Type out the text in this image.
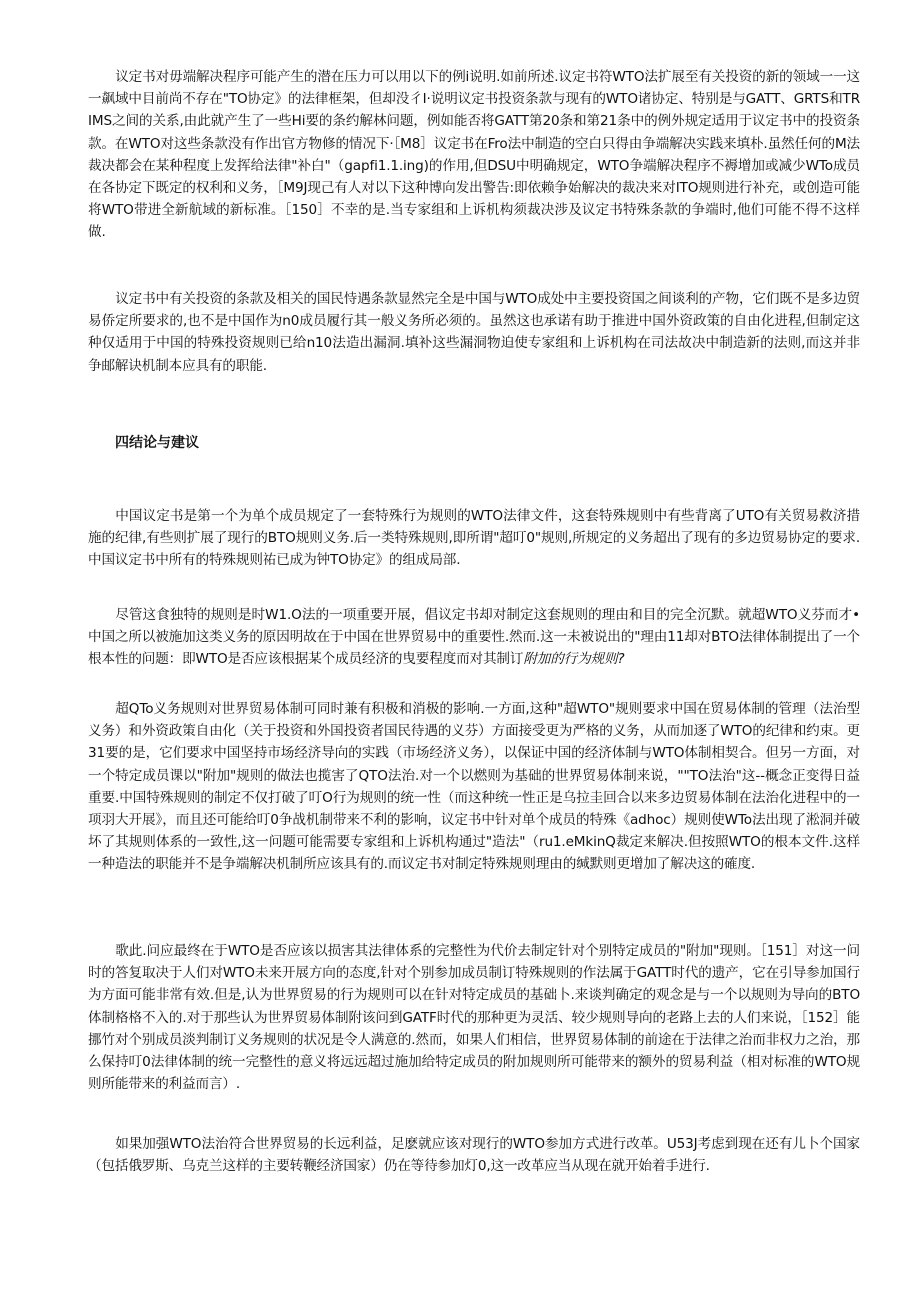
议定书对毋端解决程序可能产生的潜在压力可以用以下的例i说明.如前所述.议定书符WTO法扩展至有关投资的新的领域一一这一飙域中目前尚不存在"TO协定》的法律框架，但却没彳I·说明议定书投资条款与现有的WTO诸协定、特别是与GATT、GRTS和TRIMS之间的关系,由此就产生了一些Hi要的条约解林问题，例如能否将GATT第20条和第21条中的例外规定适用于议定书中的投资条款。在WTO对这些条款没有作出官方物修的情况下·［M8］议定书在Fro法中制造的空白只得由争端解决实践来填朴.虽然任何的M法裁决都会在某种程度上发挥给法律"补白"（gapfi1.1.ing)的作用,但DSU中明确规定，WTO争端解决程序不褥增加或减少WTo成员在各协定下既定的权利和义务，［M9J现己有人对以下这种博向发出警告:即依赖争始解决的裁决来对ITO规则进行补充，或创造可能将WTO带进全新航域的新标准。［150］不幸的是.当专家组和上诉机构须裁决涉及议定书特殊条款的争端时,他们可能不得不这样做.

议定书中有关投资的条款及相关的国民恃遇条款显然完全是中国与WTO成处中主要投资国之间谈利的产物，它们既不是多边贸易侨定所要求的,也不是中国作为n0成员履行其一般义务所必须的。虽然这也承诺有助于推进中国外资政策的自由化进程,但制定这种仅适用于中国的特殊投资规则已给n10法造出漏洞.填补这些漏洞物迫使专家组和上诉机构在司法故决中制造新的法则,而这并非争邮解诀机制本应具有的职能.

四结论与建议

中国议定书是第一个为单个成员规定了一套特殊行为规则的WTO法律文件，这套特殊规则中有些背离了UTO有关贸易救济措施的纪律,有些则扩展了现行的BTO规则义务.后一类特殊规则,即所谓"超叮0"规则,所规定的义务超出了现有的多边贸易协定的要求.中国议定书中所有的特殊规则祐已成为钟TO协定》的组成局部.

尽管这食独特的规则是时W1.O法的一项重要开展，倡议定书却对制定这套规则的理由和目的完全沉默。就超WTO义芬而才•中国之所以被施加这类义务的原因明故在于中国在世界贸易中的重要性.然而.这一未被说出的"理由11却对BTO法律体制提出了一个根本性的问题：即WTO是否应该根据某个成员经济的曳要程度而对其制订附加的行为规则?

超QTo义务规则对世界贸易体制可同时兼有积极和消极的影响.一方面,这种"超WTO"规则要求中国在贸易体制的管理（法治型义务）和外资政策自由化（关于投资和外国投资者国民待遇的义芬）方面接受更为严格的义务，从而加逐了WTO的纪律和约束。更31要的是，它们要求中国坚持市场经济导向的实践（市场经济义务），以保证中国的经济体制与WTO体制相契合。但另一方面，对一个特定成员课以"附加"规则的做法也揽害了QTO法治.对一个以燃则为基础的世界贸易体制来说，""TO法治"这--概念正变得日益重要.中国特殊规则的制定不仅打破了叮O行为规则的统一性（而这种统一性正是乌拉圭回合以来多边贸易体制在法治化进程中的一项羽大开展》，而且还可能给叮0争战机制带来不利的影响，议定书中针对单个成员的特殊《adhoc）规则使WTo法出现了淞洞并破坏了其规则体系的一致性,这一问题可能需要专家组和上诉机构通过"造法"（ru1.eMkinQ裁定来解决.但按照WTO的根本文件.这样一种造法的职能并不是争端解决机制所应该具有的.而议定书对制定特殊规则理由的缄默则更增加了解决这的確度.

歌此.问应最终在于WTO是否应该以损害其法律体系的完整性为代价去制定针对个别特定成员的"附加"现则。［151］对这一问时的答复取决于人们对WTO未来开展方向的态度,针对个别参加成员制订特殊规则的作法属于GATT时代的遗产，它在引导参加国行为方面可能非常有效.但是,认为世界贸易的行为规则可以在针对特定成员的基础卜.来谈判确定的观念是与一个以规则为导向的BTO体制格格不入的.对于那些认为世界贸易体制附该问到GATF时代的那种更为灵活、较少规则导向的老路上去的人们来说，［152］能挪竹对个别成员淡判制订义务规则的状况是令人满意的.然而，如果人们相信，世界贸易体制的前途在于法律之治而非权力之治，那么保持叮0法律体制的统一完整性的意义将远远超过施加给特定成员的附加规则所可能带来的额外的贸易利益（相对标准的WTO规则所能带来的利益而言）.

如果加强WTO法治符合世界贸易的长远利益，足麽就应该对现行的WTO参加方式进行改革。U53J考虑到现在还有儿卜个国家（包括俄罗斯、乌克兰这样的主要转鞭经济国家）仍在等待参加灯0,这一改革应当从现在就开始着手进行.
